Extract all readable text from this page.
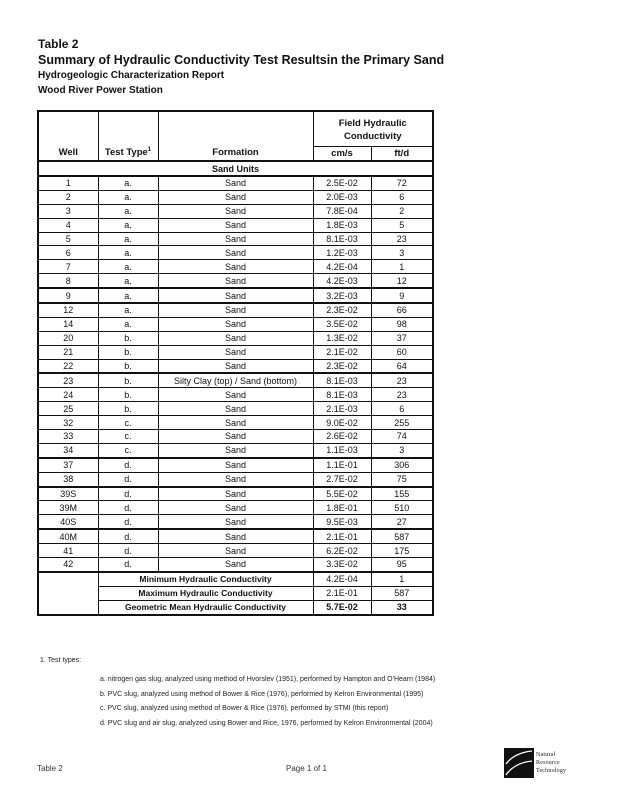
Table 2
Summary of Hydraulic Conductivity Test Resultsin the Primary Sand
Hydrogeologic Characterization Report
Wood River Power Station
Well	Test Type$^1$	Formation	Field Hydraulic Conductivity	
			cm/s	ft/d
Sand Units				
1	a.	Sand	2.5E-02	72
2	a.	Sand	2.0E-03	6
3	a.	Sand	7.8E-04	2
4	a.	Sand	1.8E-03	5
5	a.	Sand	8.1E-03	23
6	a.	Sand	1.2E-03	3
7	a.	Sand	4.2E-04	1
8	a.	Sand	4.2E-03	12
9	a.	Sand	3.2E-03	9
12	a.	Sand	2.3E-02	66
14	a.	Sand	3.5E-02	98
20	b.	Sand	1.3E-02	37
21	b.	Sand	2.1E-02	60
22	b.	Sand	2.3E-02	64
23	b.	Silty Clay (top) / Sand (bottom)	8.1E-03	23
24	b.	Sand	8.1E-03	23
25	b.	Sand	2.1E-03	6
32	c.	Sand	9.0E-02	255
33	c.	Sand	2.6E-02	74
34	c.	Sand	1.1E-03	3
37	d.	Sand	1.1E-01	306
38	d.	Sand	2.7E-02	75
39S	d.	Sand	5.5E-02	155
39M	d.	Sand	1.8E-01	510
40S	d.	Sand	9.5E-03	27
40M	d.	Sand	2.1E-01	587
41	d.	Sand	6.2E-02	175
42	d.	Sand	3.3E-02	95
	Minimum Hydraulic Conductivity		4.2E-04	1
	Maximum Hydraulic Conductivity		2.1E-01	587
	Geometric Mean Hydraulic Conductivity		5.7E-02	33
1. Test types:
a. nitrogen gas slug, analyzed using method of Hvorslev (1951), performed by Hampton and O'Hearn (1984)
b. PVC slug, analyzed using method of Bower & Rice (1976), performed by Kelron Environmental (1995)
c. PVC slug, analyzed using method of Bower & Rice (1976), performed by STMI (this report)
d. PVC slug and air slug, analyzed using Bower and Rice, 1976, performed by Kelron Environmental (2004)
Table 2	Page 1 of 1
Natural
Resource
Technology
